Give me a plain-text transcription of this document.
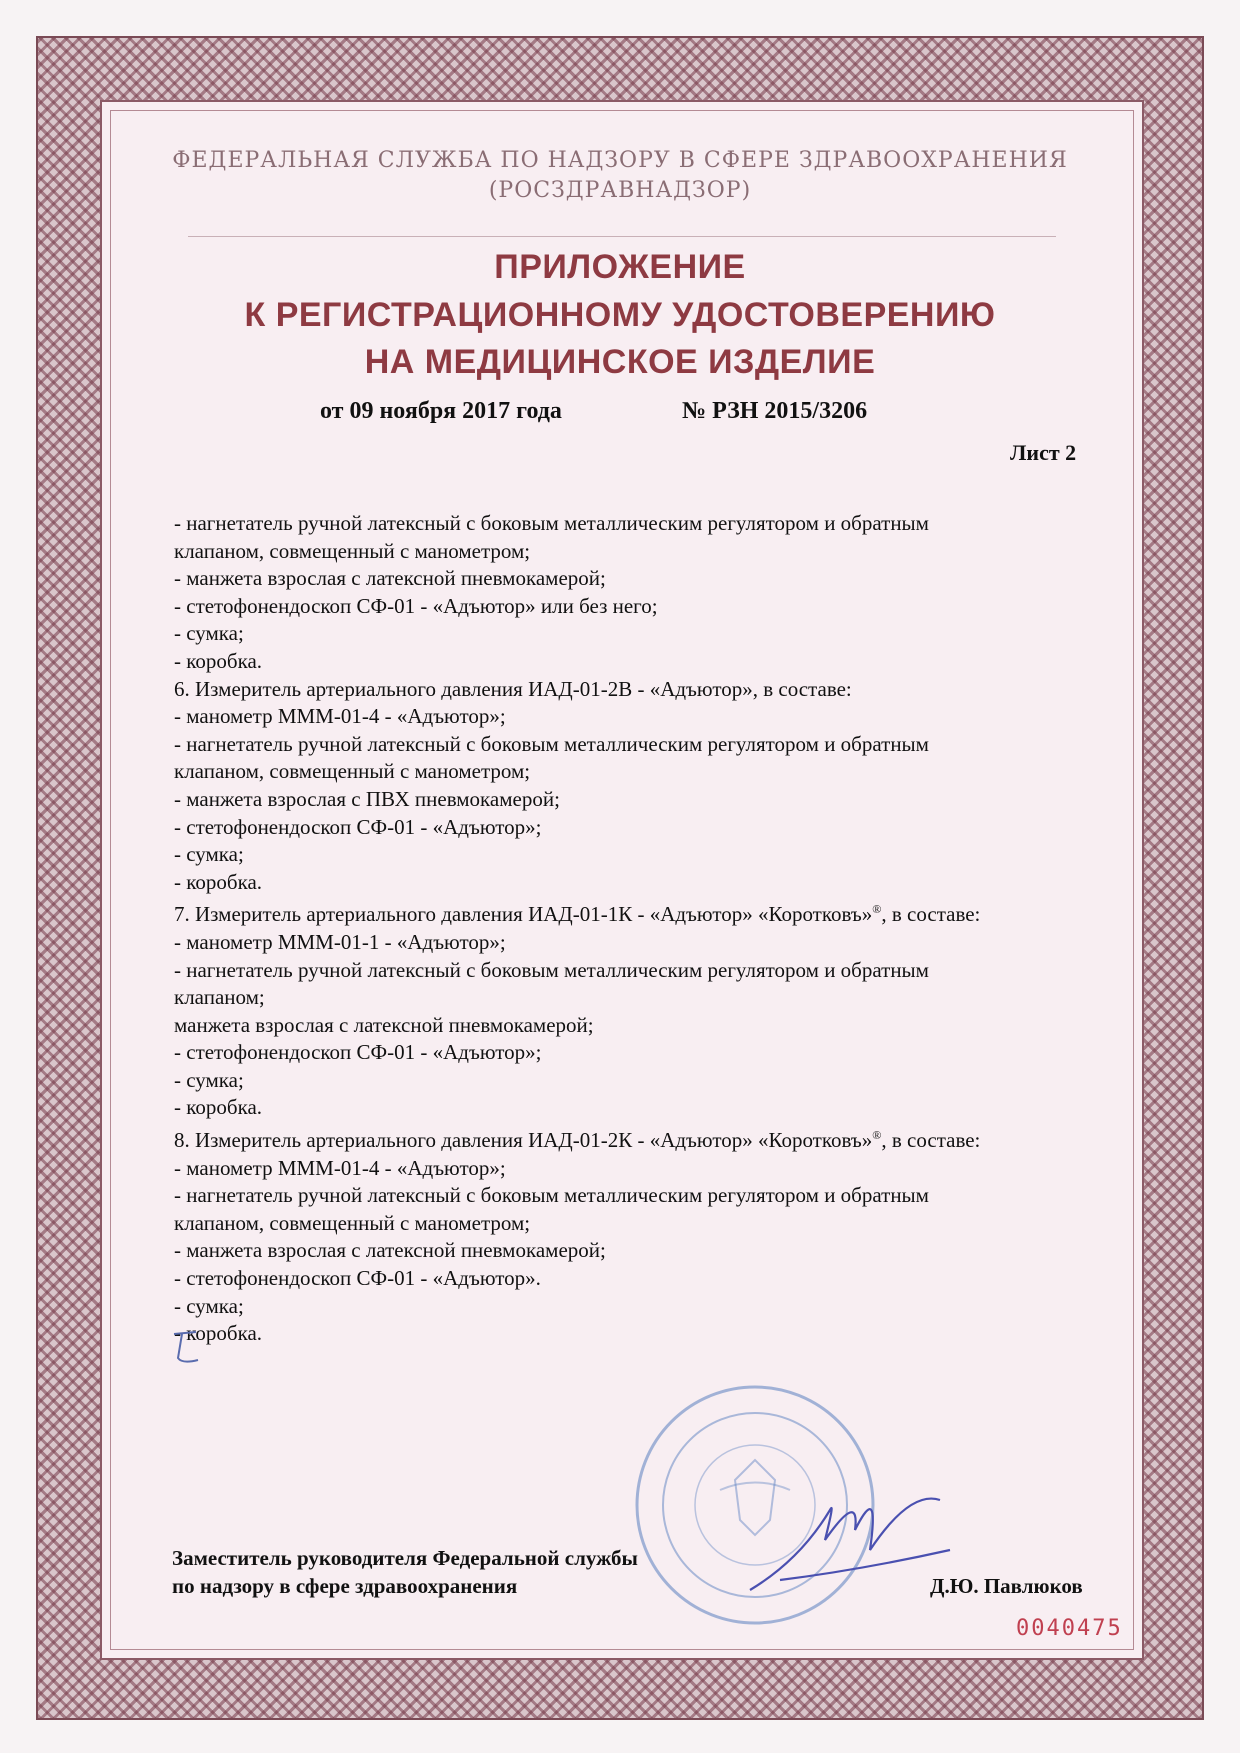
ФЕДЕРАЛЬНАЯ СЛУЖБА ПО НАДЗОРУ В СФЕРЕ ЗДРАВООХРАНЕНИЯ
(РОСЗДРАВНАДЗОР)
ПРИЛОЖЕНИЕ
К РЕГИСТРАЦИОННОМУ УДОСТОВЕРЕНИЮ
НА МЕДИЦИНСКОЕ ИЗДЕЛИЕ
от 09 ноября 2017 года	№ РЗН 2015/3206
Лист 2
- нагнетатель ручной латексный с боковым металлическим регулятором и обратным
клапаном, совмещенный с манометром;
- манжета взрослая с латексной пневмокамерой;
- стетофонендоскоп СФ-01 - «Адъютор» или без него;
- сумка;
- коробка.
6. Измеритель артериального давления ИАД-01-2В - «Адъютор», в составе:
- манометр ММM-01-4 - «Адъютор»;
- нагнетатель ручной латексный с боковым металлическим регулятором и обратным
клапаном, совмещенный с манометром;
- манжета взрослая с ПВХ пневмокамерой;
- стетофонендоскоп СФ-01 - «Адъютор»;
- сумка;
- коробка.
7. Измеритель артериального давления ИАД-01-1К - «Адъютор» «Коротковъ»®, в составе:
- манометр ММM-01-1 - «Адъютор»;
- нагнетатель ручной латексный с боковым металлическим регулятором и обратным
клапаном;
манжета взрослая с латексной пневмокамерой;
- стетофонендоскоп СФ-01 - «Адъютор»;
- сумка;
- коробка.
8. Измеритель артериального давления ИАД-01-2К - «Адъютор» «Коротковъ»®, в составе:
- манометр ММM-01-4 - «Адъютор»;
- нагнетатель ручной латексный с боковым металлическим регулятором и обратным
клапаном, совмещенный с манометром;
- манжета взрослая с латексной пневмокамерой;
- стетофонендоскоп СФ-01 - «Адъютор».
- сумка;
- коробка.
Заместитель руководителя Федеральной службы
по надзору в сфере здравоохранения	Д.Ю. Павлюков
0040475
